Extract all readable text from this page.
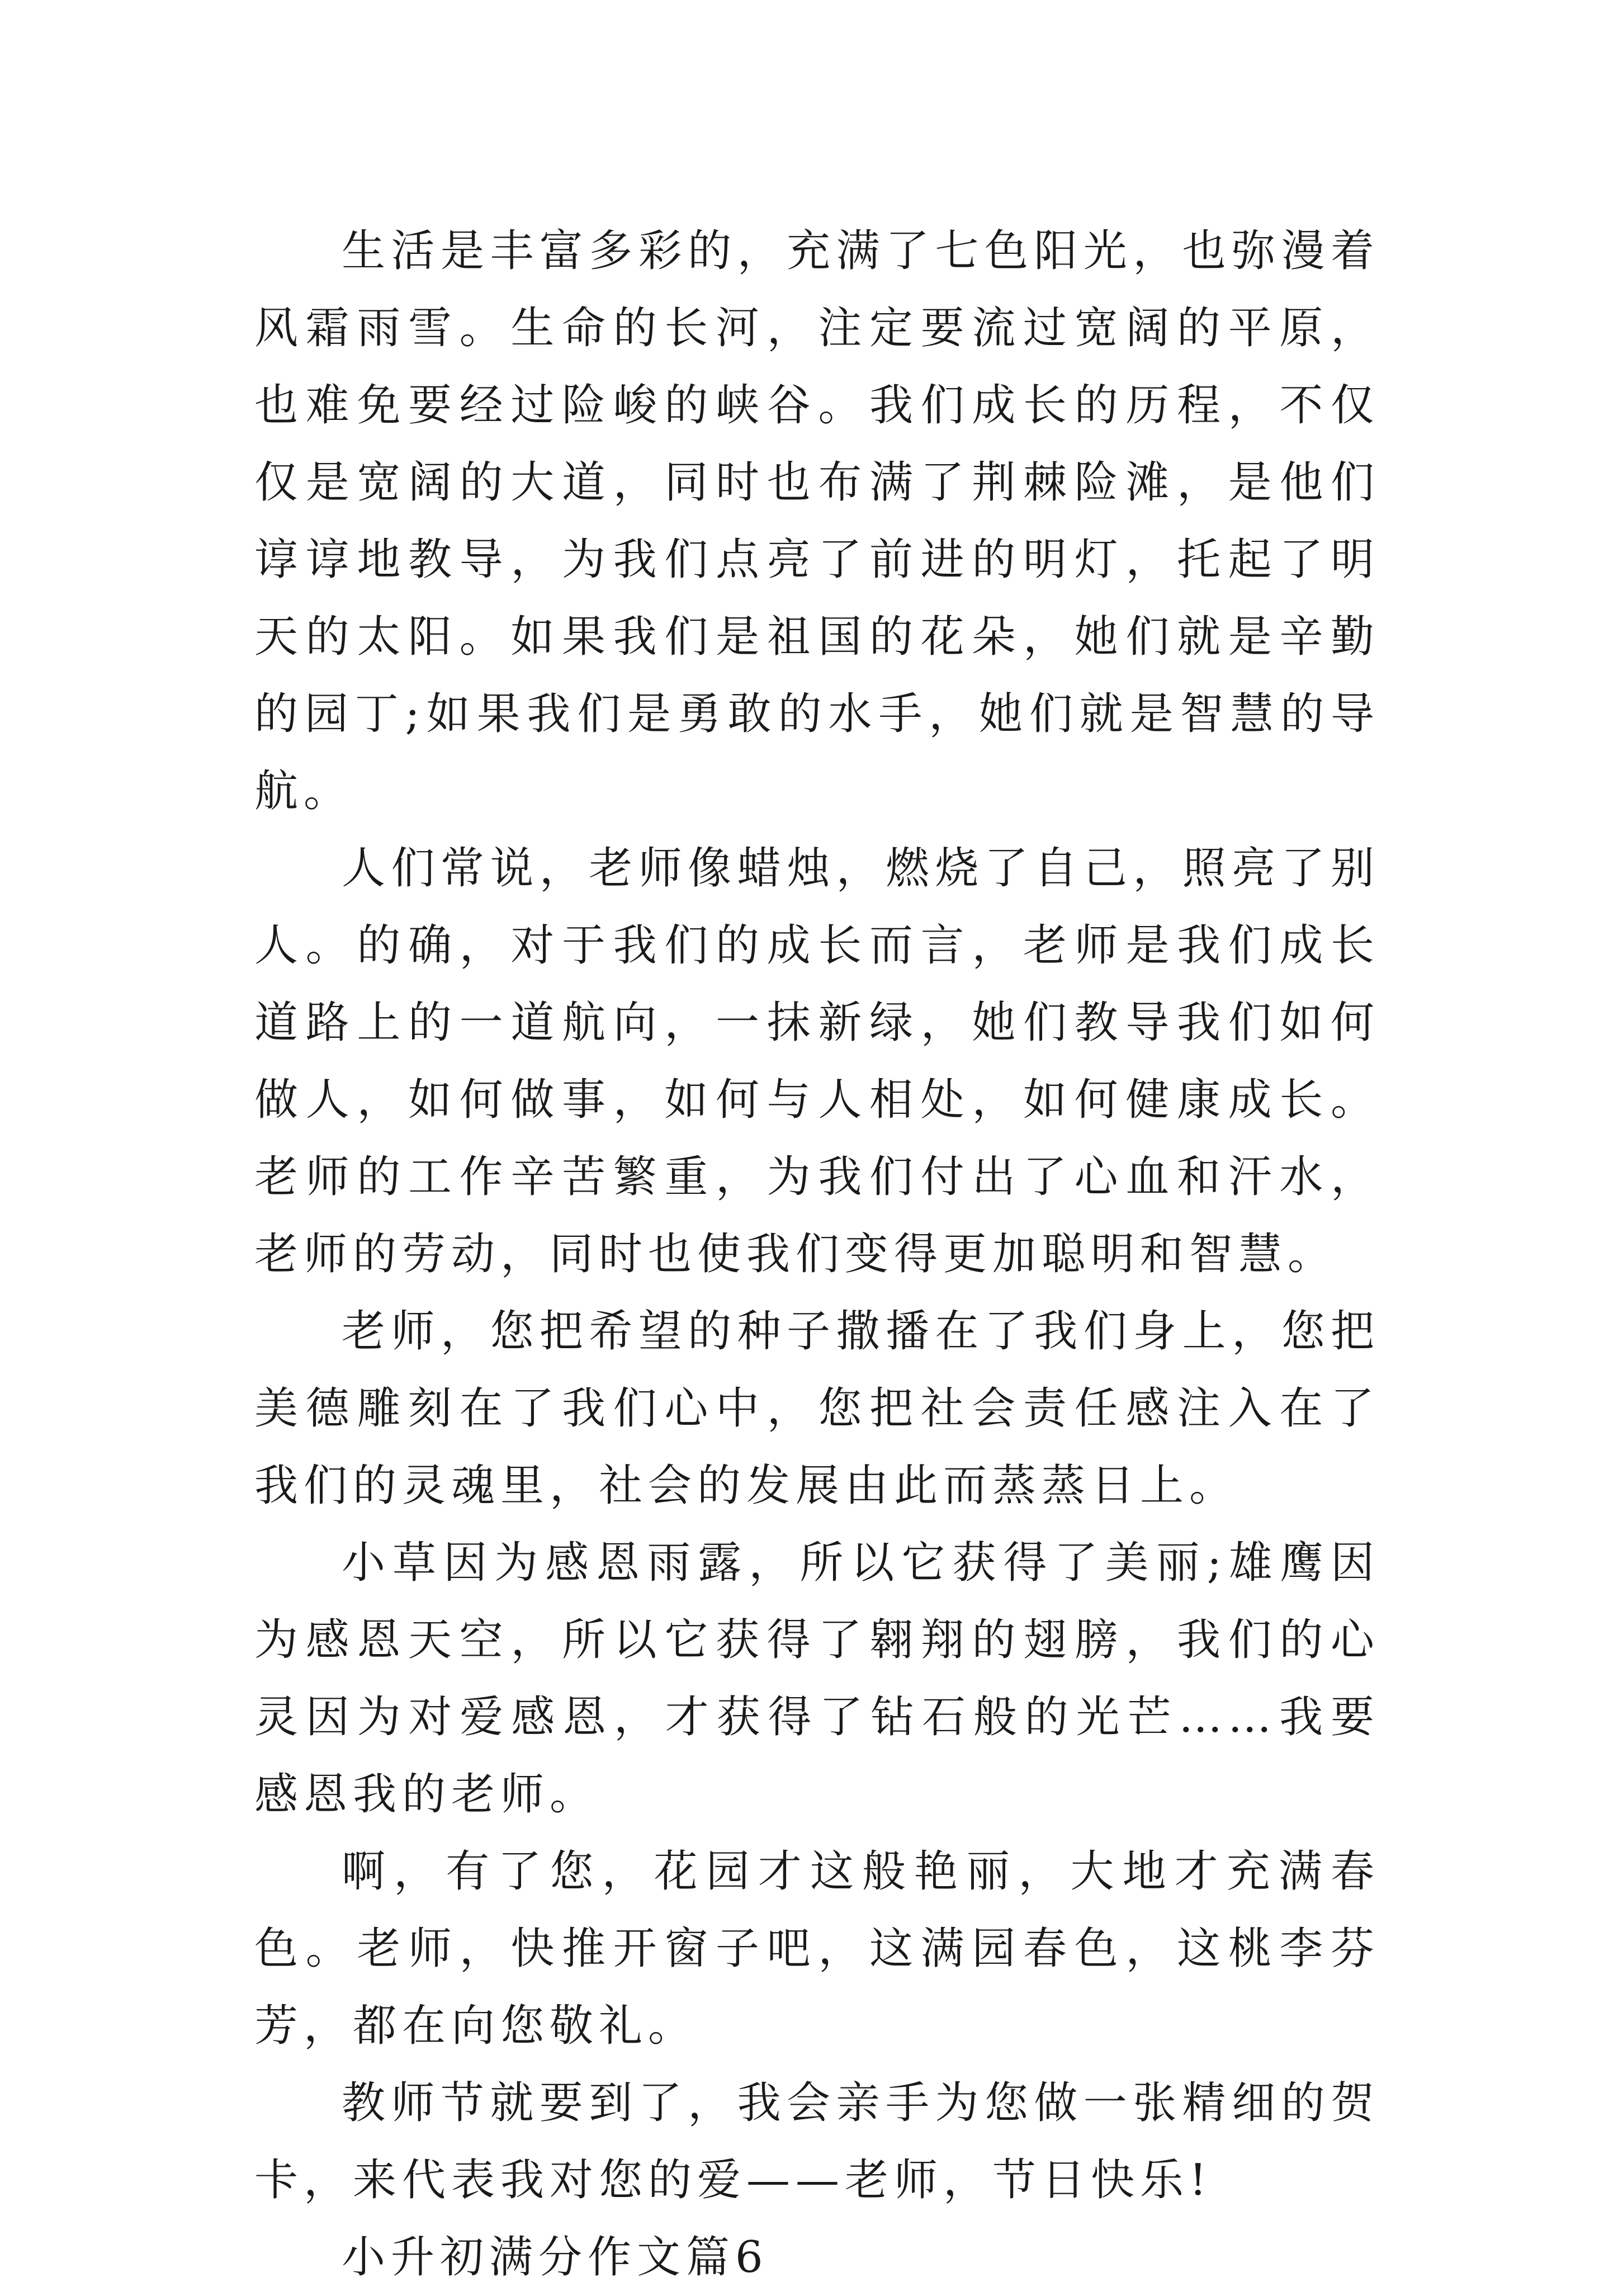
生活是丰富多彩的，充满了七色阳光，也弥漫着风霜雨雪。生命的长河，注定要流过宽阔的平原，也难免要经过险峻的峡谷。我们成长的历程，不仅仅是宽阔的大道，同时也布满了荆棘险滩，是他们谆谆地教导，为我们点亮了前进的明灯，托起了明天的太阳。如果我们是祖国的花朵，她们就是辛勤的园丁;如果我们是勇敢的水手，她们就是智慧的导航。

人们常说，老师像蜡烛，燃烧了自己，照亮了别人。的确，对于我们的成长而言，老师是我们成长道路上的一道航向，一抹新绿，她们教导我们如何做人，如何做事，如何与人相处，如何健康成长。老师的工作辛苦繁重，为我们付出了心血和汗水，老师的劳动，同时也使我们变得更加聪明和智慧。

老师，您把希望的种子撒播在了我们身上，您把美德雕刻在了我们心中，您把社会责任感注入在了我们的灵魂里，社会的发展由此而蒸蒸日上。

小草因为感恩雨露，所以它获得了美丽;雄鹰因为感恩天空，所以它获得了翱翔的翅膀，我们的心灵因为对爱感恩，才获得了钻石般的光芒……我要感恩我的老师。

啊，有了您，花园才这般艳丽，大地才充满春色。老师，快推开窗子吧，这满园春色，这桃李芬芳，都在向您敬礼。

教师节就要到了，我会亲手为您做一张精细的贺卡，来代表我对您的爱——老师，节日快乐!

小升初满分作文篇6
